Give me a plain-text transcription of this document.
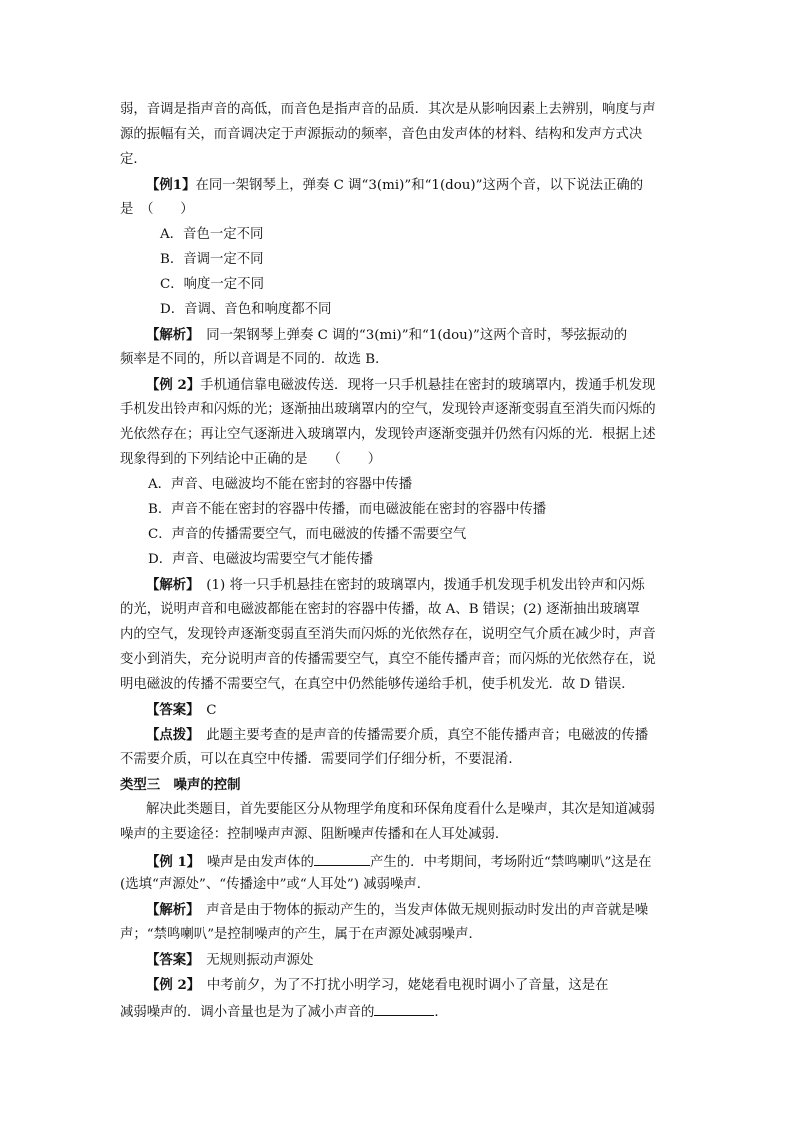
弱，音调是指声音的高低，而音色是指声音的品质．其次是从影响因素上去辨别，响度与声
源的振幅有关，而音调决定于声源振动的频率，音色由发声体的材料、结构和发声方式决
定．
【例1】在同一架钢琴上，弹奏 C 调“3(mi)”和“1(dou)”这两个音，以下说法正确的
是　（　　）
A．音色一定不同
B．音调一定不同
C．响度一定不同
D．音调、音色和响度都不同
【解析】　同一架钢琴上弹奏 C 调的“3(mi)”和“1(dou)”这两个音时，琴弦振动的
频率是不同的，所以音调是不同的．故选 B．
【例 2】手机通信靠电磁波传送．现将一只手机悬挂在密封的玻璃罩内，拨通手机发现
手机发出铃声和闪烁的光；逐渐抽出玻璃罩内的空气，发现铃声逐渐变弱直至消失而闪烁的
光依然存在；再让空气逐渐进入玻璃罩内，发现铃声逐渐变强并仍然有闪烁的光．根据上述
现象得到的下列结论中正确的是　　（　　）
A．声音、电磁波均不能在密封的容器中传播
B．声音不能在密封的容器中传播，而电磁波能在密封的容器中传播
C．声音的传播需要空气，而电磁波的传播不需要空气
D．声音、电磁波均需要空气才能传播
【解析】　(1) 将一只手机悬挂在密封的玻璃罩内，拨通手机发现手机发出铃声和闪烁
的光，说明声音和电磁波都能在密封的容器中传播，故 A、B 错误；(2) 逐渐抽出玻璃罩
内的空气，发现铃声逐渐变弱直至消失而闪烁的光依然存在，说明空气介质在减少时，声音
变小到消失，充分说明声音的传播需要空气，真空不能传播声音；而闪烁的光依然存在，说
明电磁波的传播不需要空气，在真空中仍然能够传递给手机，使手机发光．故 D 错误．
【答案】　C
【点拨】　此题主要考查的是声音的传播需要介质，真空不能传播声音；电磁波的传播
不需要介质，可以在真空中传播．需要同学们仔细分析，不要混淆．
类型三　噪声的控制
解决此类题目，首先要能区分从物理学角度和环保角度看什么是噪声，其次是知道减弱
噪声的主要途径：控制噪声声源、阻断噪声传播和在人耳处减弱．
【例 1】　噪声是由发声体的	产生的．中考期间，考场附近“禁鸣喇叭”这是在
(选填“声源处”、“传播途中”或“人耳处”) 减弱噪声．
【解析】　声音是由于物体的振动产生的，当发声体做无规则振动时发出的声音就是噪
声；“禁鸣喇叭”是控制噪声的产生，属于在声源处减弱噪声．
【答案】　无规则振动声源处
【例 2】　中考前夕，为了不打扰小明学习，姥姥看电视时调小了音量，这是在
减弱噪声的．调小音量也是为了减小声音的	．
